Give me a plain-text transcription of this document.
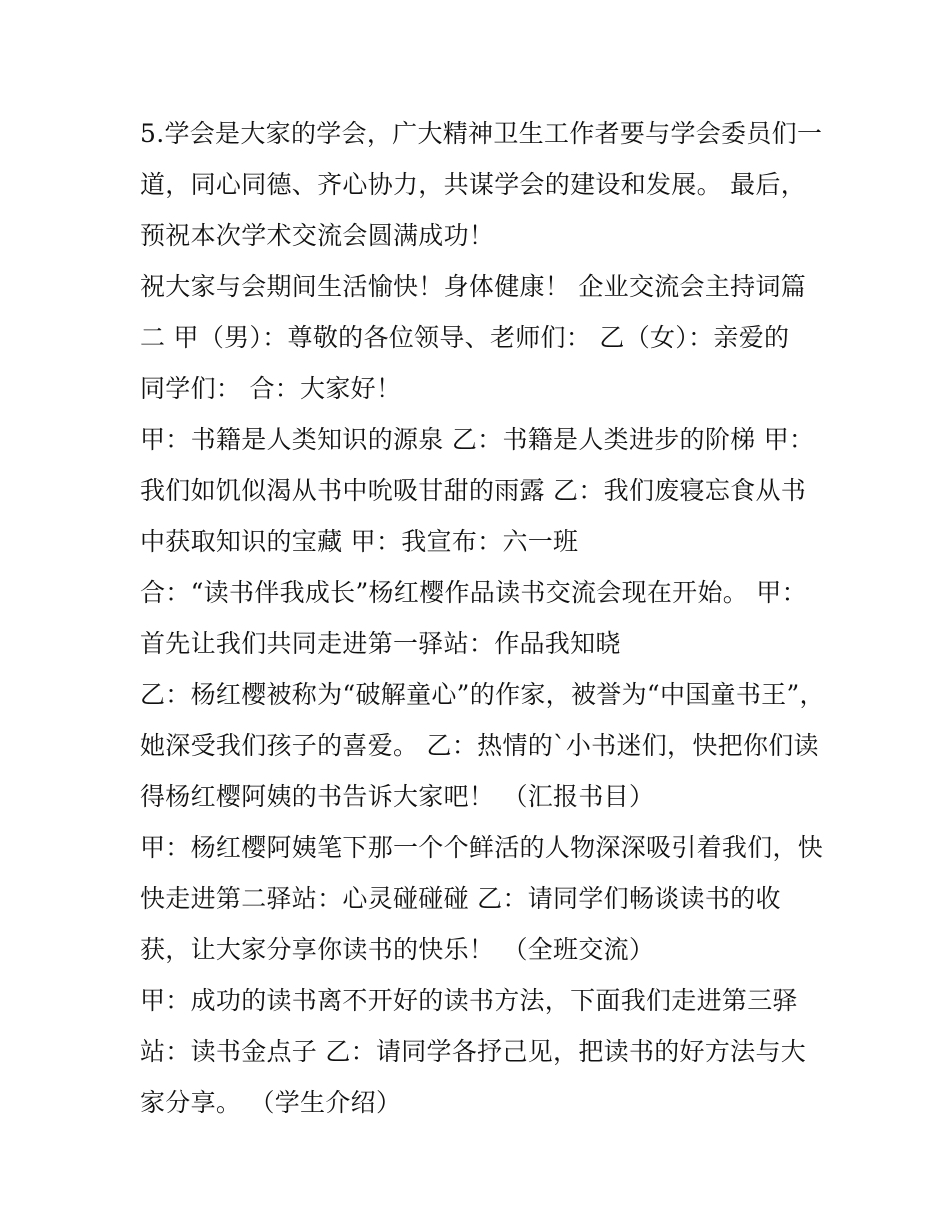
5.学会是大家的学会，广大精神卫生工作者要与学会委员们一
道，同心同德、齐心协力，共谋学会的建设和发展。 最后，
预祝本次学术交流会圆满成功！
祝大家与会期间生活愉快！身体健康！ 企业交流会主持词篇
二 甲（男）：尊敬的各位领导、老师们： 乙（女）：亲爱的
同学们： 合：大家好！
甲：书籍是人类知识的源泉 乙：书籍是人类进步的阶梯 甲：
我们如饥似渴从书中吮吸甘甜的雨露 乙：我们废寝忘食从书
中获取知识的宝藏 甲：我宣布：六一班
合：“读书伴我成长”杨红樱作品读书交流会现在开始。 甲：
首先让我们共同走进第一驿站：作品我知晓
乙：杨红樱被称为“破解童心”的作家，被誉为“中国童书王”，
她深受我们孩子的喜爱。 乙：热情的`小书迷们，快把你们读
得杨红樱阿姨的书告诉大家吧！ （汇报书目）
甲：杨红樱阿姨笔下那一个个鲜活的人物深深吸引着我们，快
快走进第二驿站：心灵碰碰碰 乙：请同学们畅谈读书的收
获，让大家分享你读书的快乐！ （全班交流）
甲：成功的读书离不开好的读书方法，下面我们走进第三驿
站：读书金点子 乙：请同学各抒己见，把读书的好方法与大
家分享。 （学生介绍）
